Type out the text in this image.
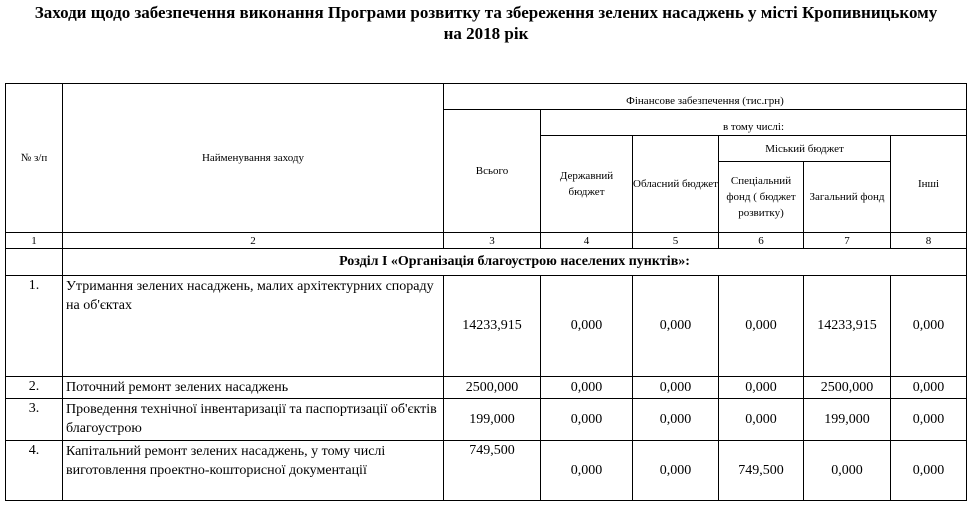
Заходи щодо забезпечення виконання Програми розвитку та збереження зелених насаджень у місті Кропивницькому
на 2018 рік
№ з/п	Найменування заходу	Фінансове забезпечення (тис.грн)					
		Всього	в тому числі:				
			Державний бюджет	Обласний бюджет	Міський бюджет		Інші
					Спеціальний фонд ( бюджет розвитку)	Загальний фонд	

1	2	3	4	5	6	7	8
	Розділ І «Організація благоустрою населених пунктів»:						
1.	Утримання зелених насаджень, малих архітектурних спораду на об'єктах	14233,915	0,000	0,000	0,000	14233,915	0,000
2.	Поточний ремонт зелених насаджень	2500,000	0,000	0,000	0,000	2500,000	0,000
3.	Проведення технічної інвентаризації та паспортизації об'єктів благоустрою	199,000	0,000	0,000	0,000	199,000	0,000
4.	Капітальний ремонт зелених насаджень, у тому числі виготовлення проектно-кошторисної документації	749,500	0,000	0,000	749,500	0,000	0,000
